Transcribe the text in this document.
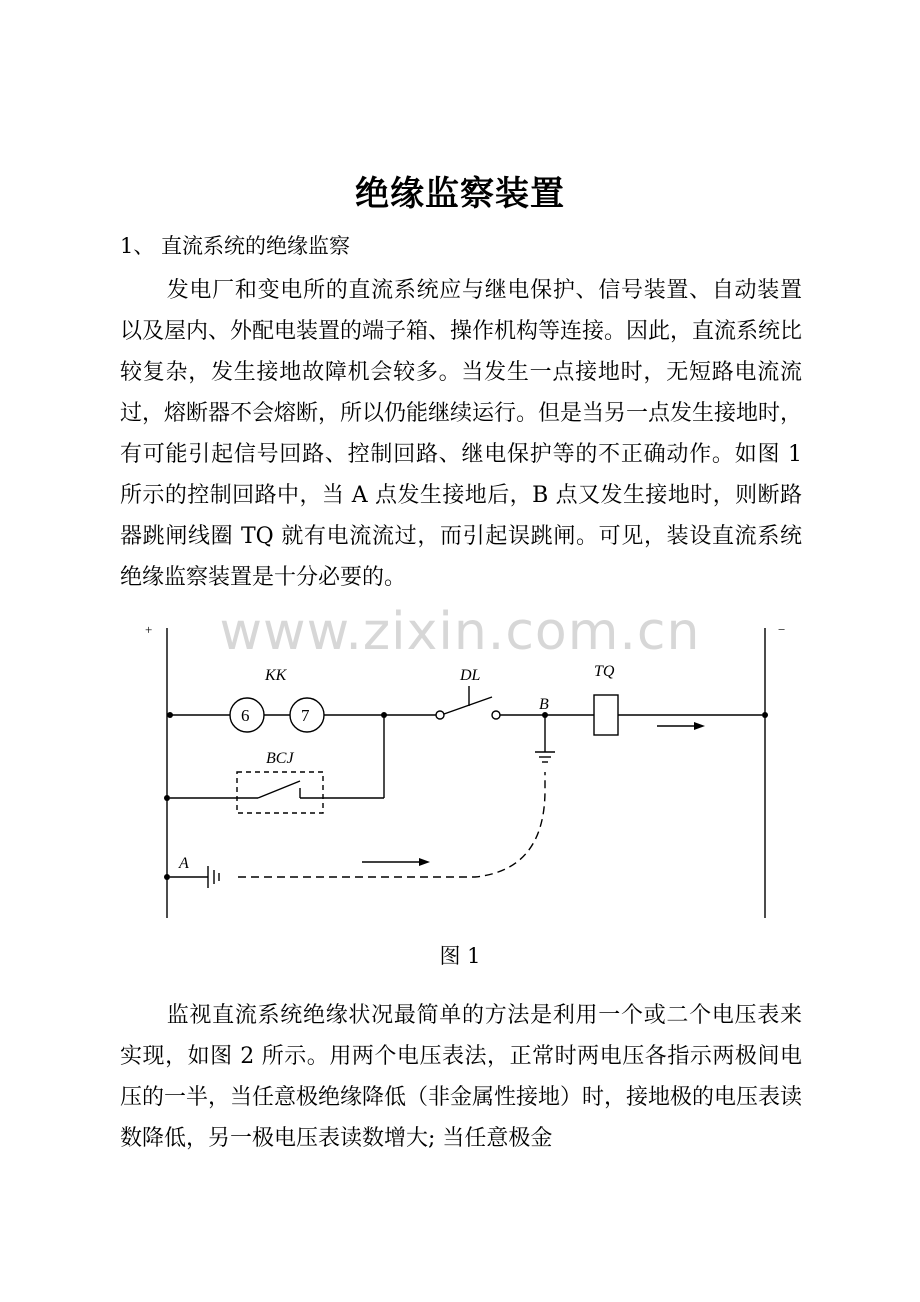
绝缘监察装置
1、 直流系统的绝缘监察
发电厂和变电所的直流系统应与继电保护、信号装置、自动装置以及屋内、外配电装置的端子箱、操作机构等连接。因此，直流系统比较复杂，发生接地故障机会较多。当发生一点接地时，无短路电流流过，熔断器不会熔断，所以仍能继续运行。但是当另一点发生接地时，有可能引起信号回路、控制回路、继电保护等的不正确动作。如图 1 所示的控制回路中，当 A 点发生接地后，B 点又发生接地时，则断路器跳闸线圈 TQ 就有电流流过，而引起误跳闸。可见，装设直流系统绝缘监察装置是十分必要的。
www.zixin.com.cn
+	−
KK
6	7
DL
B
TQ
BCJ
A
图 1
监视直流系统绝缘状况最简单的方法是利用一个或二个电压表来实现，如图 2 所示。用两个电压表法，正常时两电压各指示两极间电压的一半，当任意极绝缘降低（非金属性接地）时，接地极的电压表读数降低，另一极电压表读数增大; 当任意极金
